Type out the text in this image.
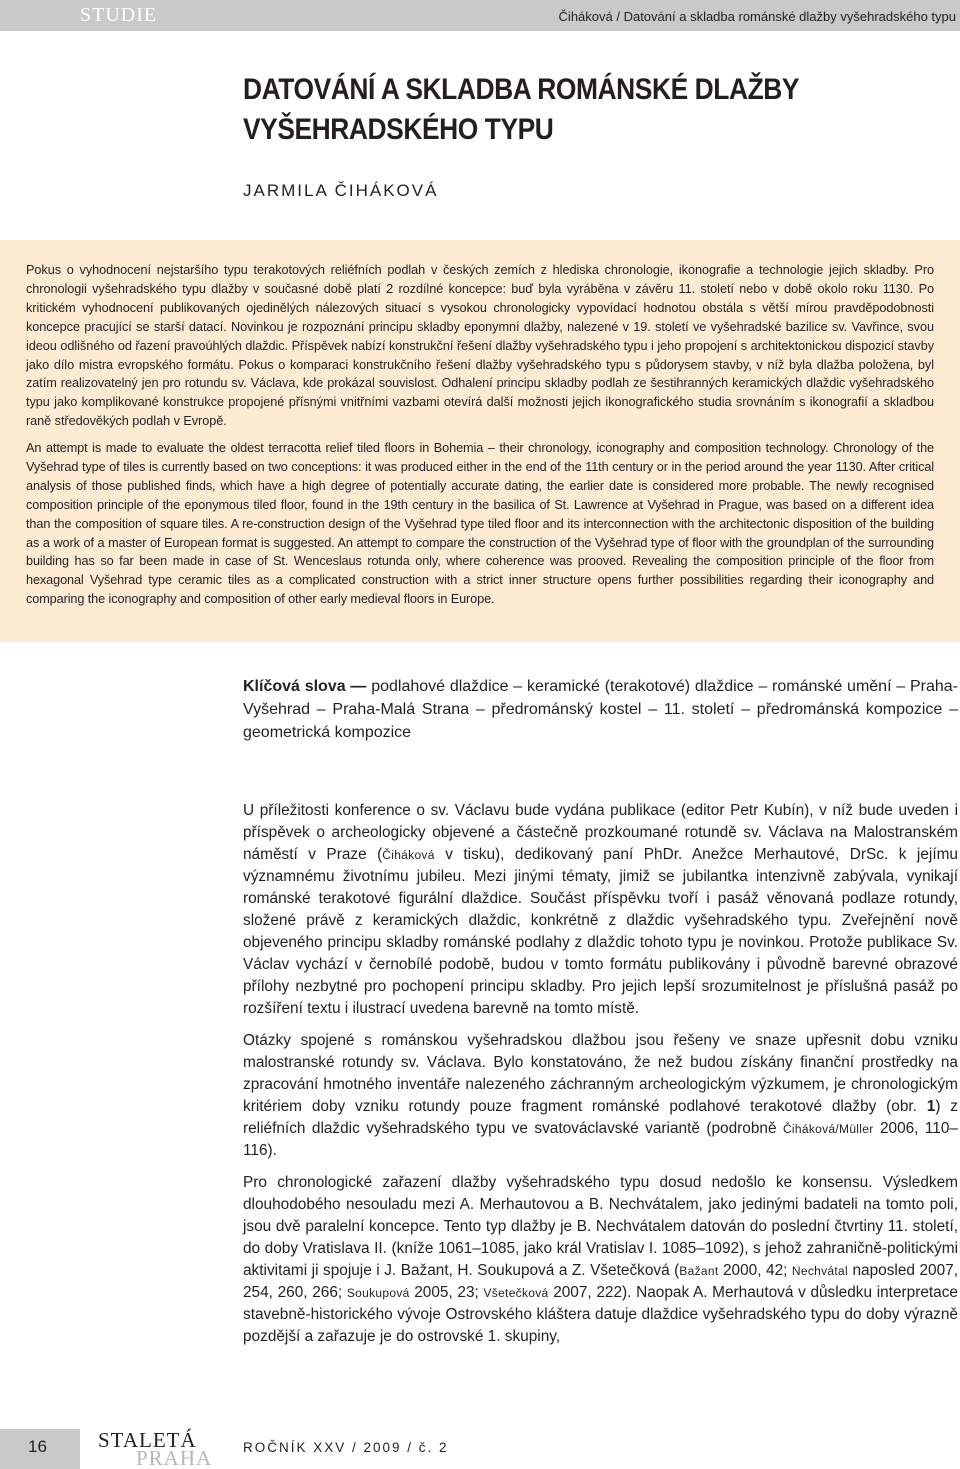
STUDIE	Čiháková / Datování a skladba románské dlažby vyšehradského typu
DATOVÁNÍ A SKLADBA ROMÁNSKÉ DLAŽBY VYŠEHRADSKÉHO TYPU
JARMILA ČIHÁKOVÁ

Pokus o vyhodnocení nejstaršího typu terakotových reliéfních podlah v českých zemích z hlediska chronologie, ikonografie a technologie jejich skladby. Pro chronologii vyšehradského typu dlažby v současné době platí 2 rozdílné koncepce: buď byla vyráběna v závěru 11. století nebo v době okolo roku 1130. Po kritickém vyhodnocení publikovaných ojedinělých nálezových situací s vysokou chronologicky vypovídací hodnotou obstála s větší mírou pravděpodobnosti koncepce pracující se starší datací. Novinkou je rozpoznání principu skladby eponymní dlažby, nalezené v 19. století ve vyšehradské bazilice sv. Vavřince, svou ideou odlišného od řazení pravoúhlých dlaždic. Příspěvek nabízí konstrukční řešení dlažby vyšehradského typu i jeho propojení s architektonickou dispozicí stavby jako dílo mistra evropského formátu. Pokus o komparaci konstrukčního řešení dlažby vyšehradského typu s půdorysem stavby, v níž byla dlažba položena, byl zatím realizovatelný jen pro rotundu sv. Václava, kde prokázal souvislost. Odhalení principu skladby podlah ze šestihranných keramických dlaždic vyšehradského typu jako komplikované konstrukce propojené přísnými vnitřními vazbami otevírá další možnosti jejich ikonografického studia srovnáním s ikonografií a skladbou raně středověkých podlah v Evropě.

An attempt is made to evaluate the oldest terracotta relief tiled floors in Bohemia – their chronology, iconography and composition technology. Chronology of the Vyšehrad type of tiles is currently based on two conceptions: it was produced either in the end of the 11th century or in the period around the year 1130. After critical analysis of those published finds, which have a high degree of potentially accurate dating, the earlier date is considered more probable. The newly recognised composition principle of the eponymous tiled floor, found in the 19th century in the basilica of St. Lawrence at Vyšehrad in Prague, was based on a different idea than the composition of square tiles. A re-construction design of the Vyšehrad type tiled floor and its interconnection with the architectonic disposition of the building as a work of a master of European format is suggested. An attempt to compare the construction of the Vyšehrad type of floor with the groundplan of the surrounding building has so far been made in case of St. Wenceslaus rotunda only, where coherence was prooved. Revealing the composition principle of the floor from hexagonal Vyšehrad type ceramic tiles as a complicated construction with a strict inner structure opens further possibilities regarding their iconography and comparing the iconography and composition of other early medieval floors in Europe.

Klíčová slova — podlahové dlaždice – keramické (terakotové) dlaždice – románské umění – Praha-Vyšehrad – Praha-Malá Strana – předrománský kostel – 11. století – předrománská kompozice – geometrická kompozice

U příležitosti konference o sv. Václavu bude vydána publikace (editor Petr Kubín), v níž bude uveden i příspěvek o archeologicky objevené a částečně prozkoumané rotundě sv. Václava na Malostranském náměstí v Praze (Čiháková v tisku), dedikovaný paní PhDr. Anežce Merhautové, DrSc. k jejímu významnému životnímu jubileu. Mezi jinými tématy, jimiž se jubilantka intenzivně zabývala, vynikají románské terakotové figurální dlaždice. Součást příspěvku tvoří i pasáž věnovaná podlaze rotundy, složené právě z keramických dlaždic, konkrétně z dlaždic vyšehradského typu. Zveřejnění nově objeveného principu skladby románské podlahy z dlaždic tohoto typu je novinkou. Protože publikace Sv. Václav vychází v černobílé podobě, budou v tomto formátu publikovány i původně barevné obrazové přílohy nezbytné pro pochopení principu skladby. Pro jejich lepší srozumitelnost je příslušná pasáž po rozšíření textu i ilustrací uvedena barevně na tomto místě.

Otázky spojené s románskou vyšehradskou dlažbou jsou řešeny ve snaze upřesnit dobu vzniku malostranské rotundy sv. Václava. Bylo konstatováno, že než budou získány finanční prostředky na zpracování hmotného inventáře nalezeného záchranným archeologickým výzkumem, je chronologickým kritériem doby vzniku rotundy pouze fragment románské podlahové terakotové dlažby (obr. 1) z reliéfních dlaždic vyšehradského typu ve svatováclavské variantě (podrobně Čiháková/Müller 2006, 110–116).

Pro chronologické zařazení dlažby vyšehradského typu dosud nedošlo ke konsensu. Výsledkem dlouhodobého nesouladu mezi A. Merhautovou a B. Nechvátalem, jako jedinými badateli na tomto poli, jsou dvě paralelní koncepce. Tento typ dlažby je B. Nechvátalem datován do poslední čtvrtiny 11. století, do doby Vratislava II. (kníže 1061–1085, jako král Vratislav I. 1085–1092), s jehož zahraničně-politickými aktivitami ji spojuje i J. Bažant, H. Soukupová a Z. Všetečková (Bažant 2000, 42; Nechvátal naposled 2007, 254, 260, 266; Soukupová 2005, 23; Všetečková 2007, 222). Naopak A. Merhautová v důsledku interpretace stavebně-historického vývoje Ostrovského kláštera datuje dlaždice vyšehradského typu do doby výrazně pozdější a zařazuje je do ostrovské 1. skupiny,

16 STALETÁ
PRAHA ROČNÍK XXV / 2009 / č. 2
